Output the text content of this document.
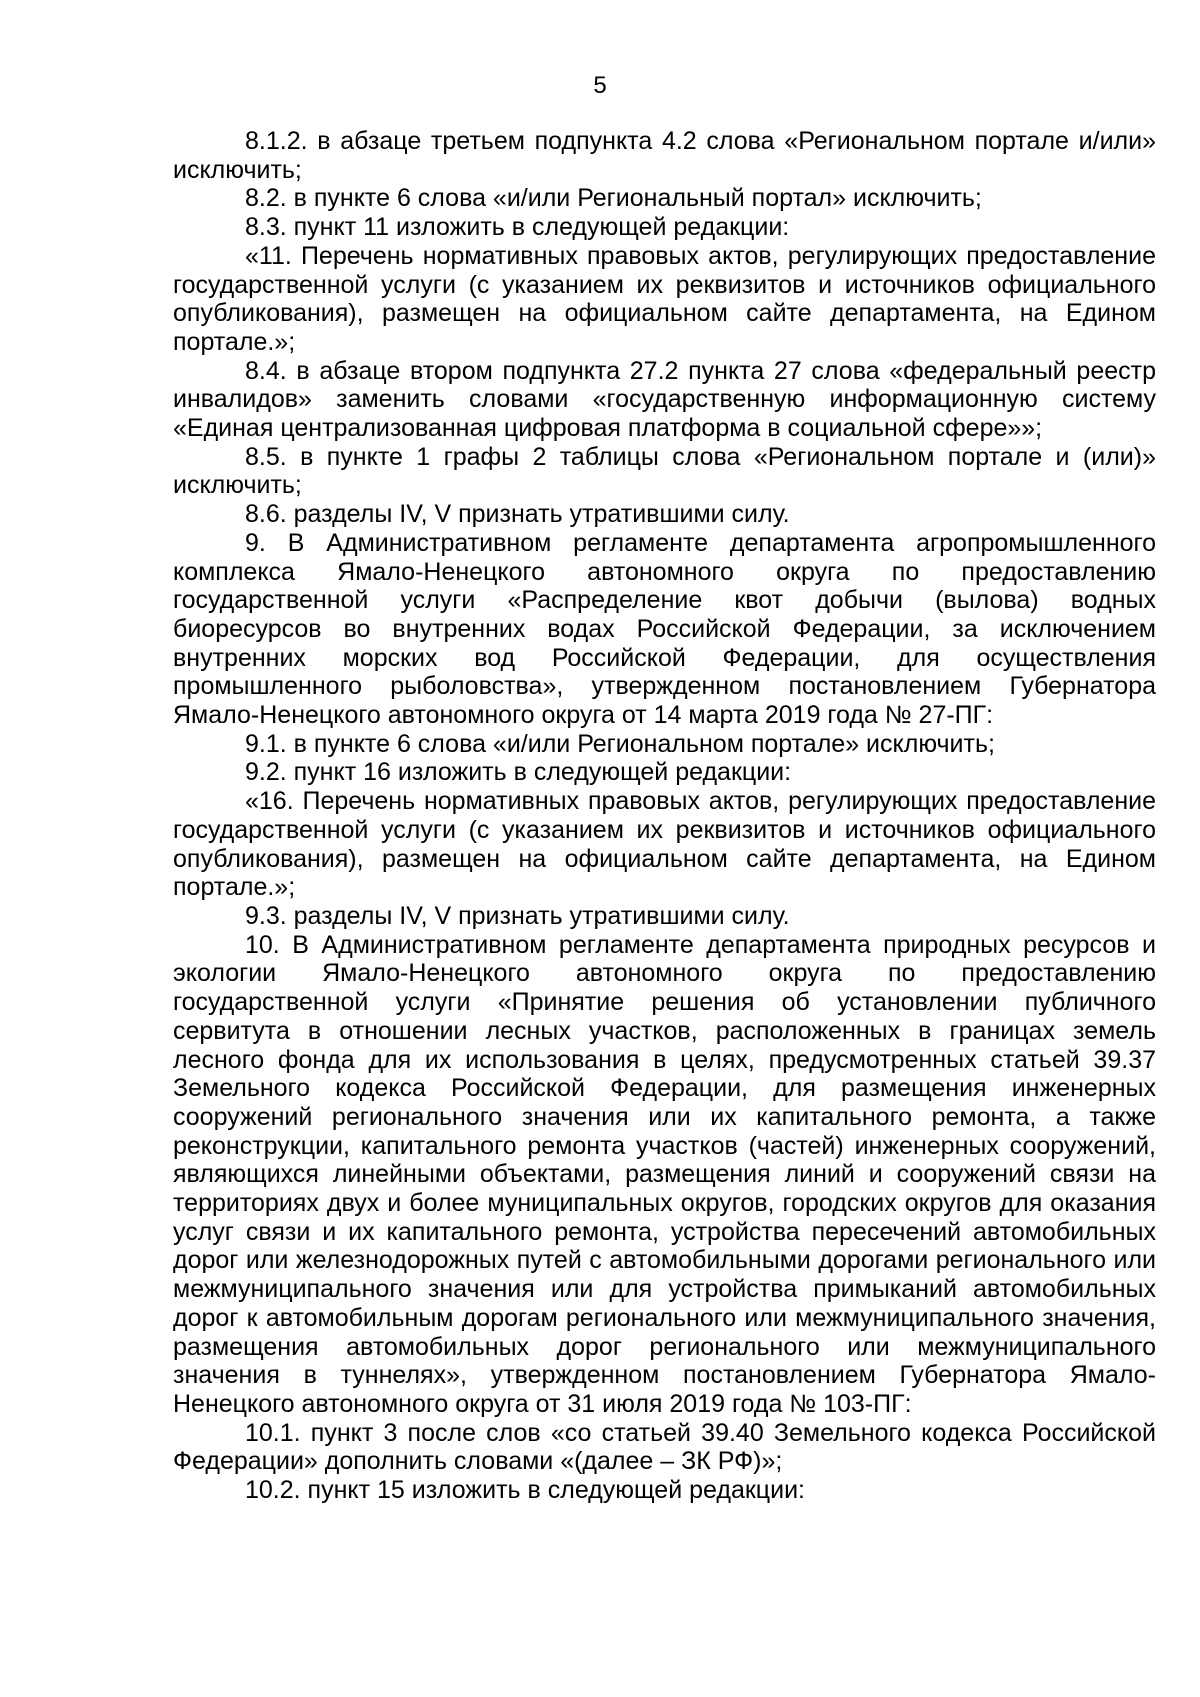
5

8.1.2. в абзаце третьем подпункта 4.2 слова «Региональном портале и/или» исключить;

8.2. в пункте 6 слова «и/или Региональный портал» исключить;

8.3. пункт 11 изложить в следующей редакции:

«11. Перечень нормативных правовых актов, регулирующих предоставление государственной услуги (с указанием их реквизитов и источников официального опубликования), размещен на официальном сайте департамента, на Едином портале.»;

8.4. в абзаце втором подпункта 27.2 пункта 27 слова «федеральный реестр инвалидов» заменить словами «государственную информационную систему «Единая централизованная цифровая платформа в социальной сфере»»;

8.5. в пункте 1 графы 2 таблицы слова «Региональном портале и (или)» исключить;

8.6. разделы IV, V признать утратившими силу.

9. В Административном регламенте департамента агропромышленного комплекса Ямало-Ненецкого автономного округа по предоставлению государственной услуги «Распределение квот добычи (вылова) водных биоресурсов во внутренних водах Российской Федерации, за исключением внутренних морских вод Российской Федерации, для осуществления промышленного рыболовства», утвержденном постановлением Губернатора Ямало-Ненецкого автономного округа от 14 марта 2019 года № 27-ПГ:

9.1. в пункте 6 слова «и/или Региональном портале» исключить;

9.2. пункт 16 изложить в следующей редакции:

«16. Перечень нормативных правовых актов, регулирующих предоставление государственной услуги (с указанием их реквизитов и источников официального опубликования), размещен на официальном сайте департамента, на Едином портале.»;

9.3. разделы IV, V признать утратившими силу.

10. В Административном регламенте департамента природных ресурсов и экологии Ямало-Ненецкого автономного округа по предоставлению государственной услуги «Принятие решения об установлении публичного сервитута в отношении лесных участков, расположенных в границах земель лесного фонда для их использования в целях, предусмотренных статьей 39.37 Земельного кодекса Российской Федерации, для размещения инженерных сооружений регионального значения или их капитального ремонта, а также реконструкции, капитального ремонта участков (частей) инженерных сооружений, являющихся линейными объектами, размещения линий и сооружений связи на территориях двух и более муниципальных округов, городских округов для оказания услуг связи и их капитального ремонта, устройства пересечений автомобильных дорог или железнодорожных путей с автомобильными дорогами регионального или межмуниципального значения или для устройства примыканий автомобильных дорог к автомобильным дорогам регионального или межмуниципального значения, размещения автомобильных дорог регионального или межмуниципального значения в туннелях», утвержденном постановлением Губернатора Ямало-Ненецкого автономного округа от 31 июля 2019 года № 103-ПГ:

10.1. пункт 3 после слов «со статьей 39.40 Земельного кодекса Российской Федерации» дополнить словами «(далее – ЗК РФ)»;

10.2. пункт 15 изложить в следующей редакции:
